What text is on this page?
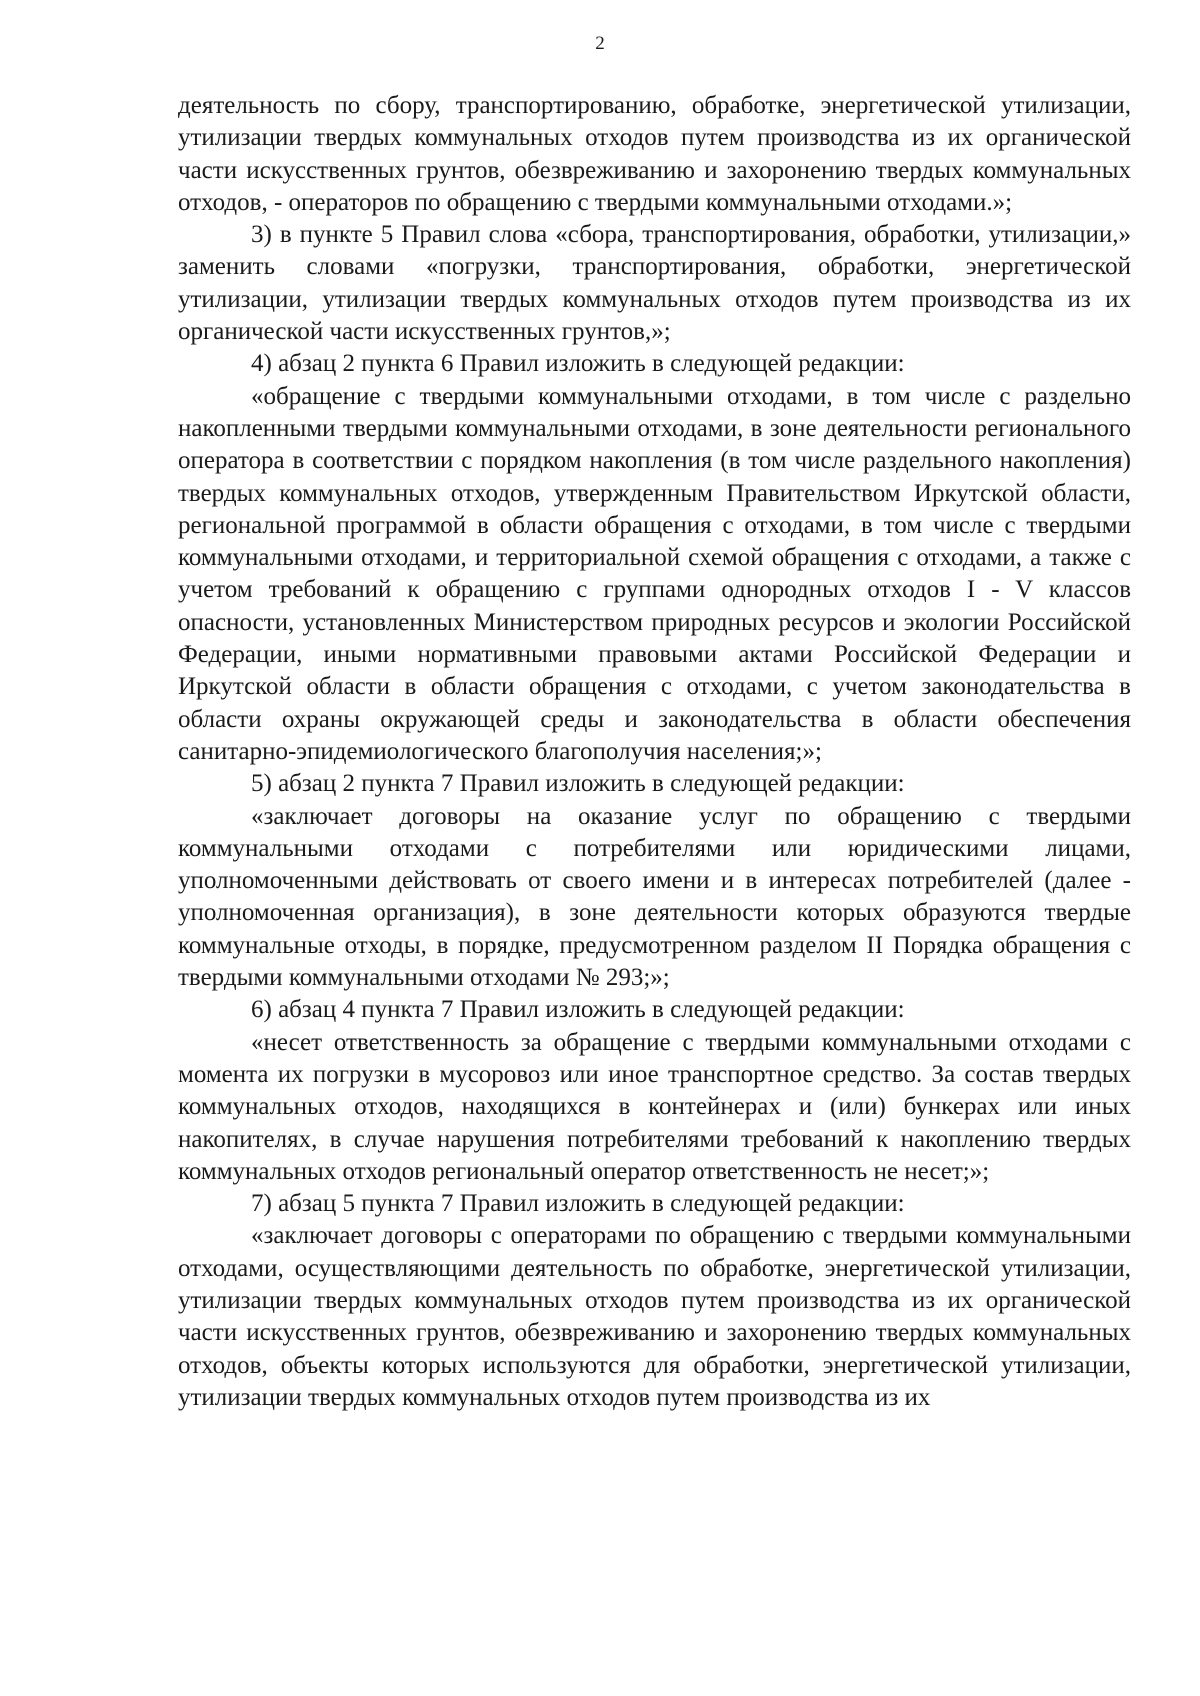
2

деятельность по сбору, транспортированию, обработке, энергетической утилизации, утилизации твердых коммунальных отходов путем производства из их органической части искусственных грунтов, обезвреживанию и захоронению твердых коммунальных отходов, - операторов по обращению с твердыми коммунальными отходами.»;

3) в пункте 5 Правил слова «сбора, транспортирования, обработки, утилизации,» заменить словами «погрузки, транспортирования, обработки, энергетической утилизации, утилизации твердых коммунальных отходов путем производства из их органической части искусственных грунтов,»;

4) абзац 2 пункта 6 Правил изложить в следующей редакции:

«обращение с твердыми коммунальными отходами, в том числе с раздельно накопленными твердыми коммунальными отходами, в зоне деятельности регионального оператора в соответствии с порядком накопления (в том числе раздельного накопления) твердых коммунальных отходов, утвержденным Правительством Иркутской области, региональной программой в области обращения с отходами, в том числе с твердыми коммунальными отходами, и территориальной схемой обращения с отходами, а также с учетом требований к обращению с группами однородных отходов I - V классов опасности, установленных Министерством природных ресурсов и экологии Российской Федерации, иными нормативными правовыми актами Российской Федерации и Иркутской области в области обращения с отходами, с учетом законодательства в области охраны окружающей среды и законодательства в области обеспечения санитарно-эпидемиологического благополучия населения;»;

5) абзац 2 пункта 7 Правил изложить в следующей редакции:

«заключает договоры на оказание услуг по обращению с твердыми коммунальными отходами с потребителями или юридическими лицами, уполномоченными действовать от своего имени и в интересах потребителей (далее - уполномоченная организация), в зоне деятельности которых образуются твердые коммунальные отходы, в порядке, предусмотренном разделом II Порядка обращения с твердыми коммунальными отходами № 293;»;

6) абзац 4 пункта 7 Правил изложить в следующей редакции:

«несет ответственность за обращение с твердыми коммунальными отходами с момента их погрузки в мусоровоз или иное транспортное средство. За состав твердых коммунальных отходов, находящихся в контейнерах и (или) бункерах или иных накопителях, в случае нарушения потребителями требований к накоплению твердых коммунальных отходов региональный оператор ответственность не несет;»;

7) абзац 5 пункта 7 Правил изложить в следующей редакции:

«заключает договоры с операторами по обращению с твердыми коммунальными отходами, осуществляющими деятельность по обработке, энергетической утилизации, утилизации твердых коммунальных отходов путем производства из их органической части искусственных грунтов, обезвреживанию и захоронению твердых коммунальных отходов, объекты которых используются для обработки, энергетической утилизации, утилизации твердых коммунальных отходов путем производства из их
